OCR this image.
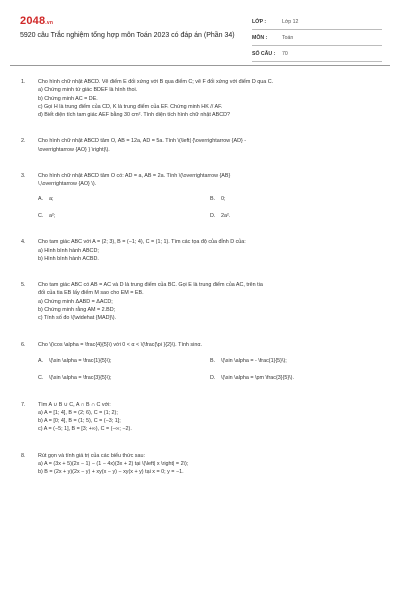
2048.vn
5920 câu Trắc nghiệm tổng hợp môn Toán 2023 có đáp án (Phần 34)
LỚP :	Lớp 12
MÔN :	Toán
SỐ CÂU :	70
1. Cho hình chữ nhật ABCD. Vẽ điểm E đối xứng với B qua điểm C; vẽ F đối xứng với điểm D qua C.
a) Chứng minh tứ giác BDEF là hình thoi.
b) Chứng minh AC = DE.
c) Gọi H là trung điểm của CD, K là trung điểm của EF. Chứng minh HK // AF.
d) Biết diện tích tam giác AEF bằng 30 cm². Tính diện tích hình chữ nhật ABCD?
2. Cho hình chữ nhật ABCD tâm O, AB = 12a, AD = 5a. Tính \(\left| {\overrightarrow {AD} -
\overrightarrow {AO} } \right|\).
3. Cho hình chữ nhật ABCD tâm O có: AD = a, AB = 2a. Tính \(\overrightarrow {AB}
\,\overrightarrow {AO} \).
A. a;	B. 0;
C. a²;	D. 2a².
4. Cho tam giác ABC với A = (2; 3), B = (−1; 4), C = (1; 1). Tìm các tọa độ của đỉnh D của:
a) Hình bình hành ABCD;
b) Hình bình hành ACBD.
5. Cho tam giác ABC có AB = AC và D là trung điểm của BC. Gọi E là trung điểm của AC, trên tia
đối của tia EB lấy điểm M sao cho EM = EB.
a) Chứng minh ΔABD = ΔACD;
b) Chứng minh rằng AM = 2.BD;
c) Tính số đo \(\widehat {MAD}\).
6. Cho \(\cos \alpha = \frac{4}{5}\) với 0 < α < \(\frac{\pi }{2}\). Tính sinα.
A. \(\sin \alpha = \frac{1}{5}\);	B. \(\sin \alpha = - \frac{1}{5}\);
C. \(\sin \alpha = \frac{3}{5}\);	D. \(\sin \alpha = \pm \frac{3}{5}\).
7. Tìm A ∪ B ∪ C, A ∩ B ∩ C với:
a) A = [1; 4], B = (2; 6), C = (1; 2);
b) A = [0; 4], B = (1; 5), C = (−3; 1];
c) A = (−5; 1], B = [3; +∞), C = (−∞; −2).
8. Rút gọn và tính giá trị của các biểu thức sau:
a) A = (3x + 5)(2x − 1) − (1 − 4x)(3x + 2) tại \(\left| x \right| = 2\);
b) B = (2x + y)(2x − y) + xy(x − y) − xy(x + y) tại x = 0; y = −1.
